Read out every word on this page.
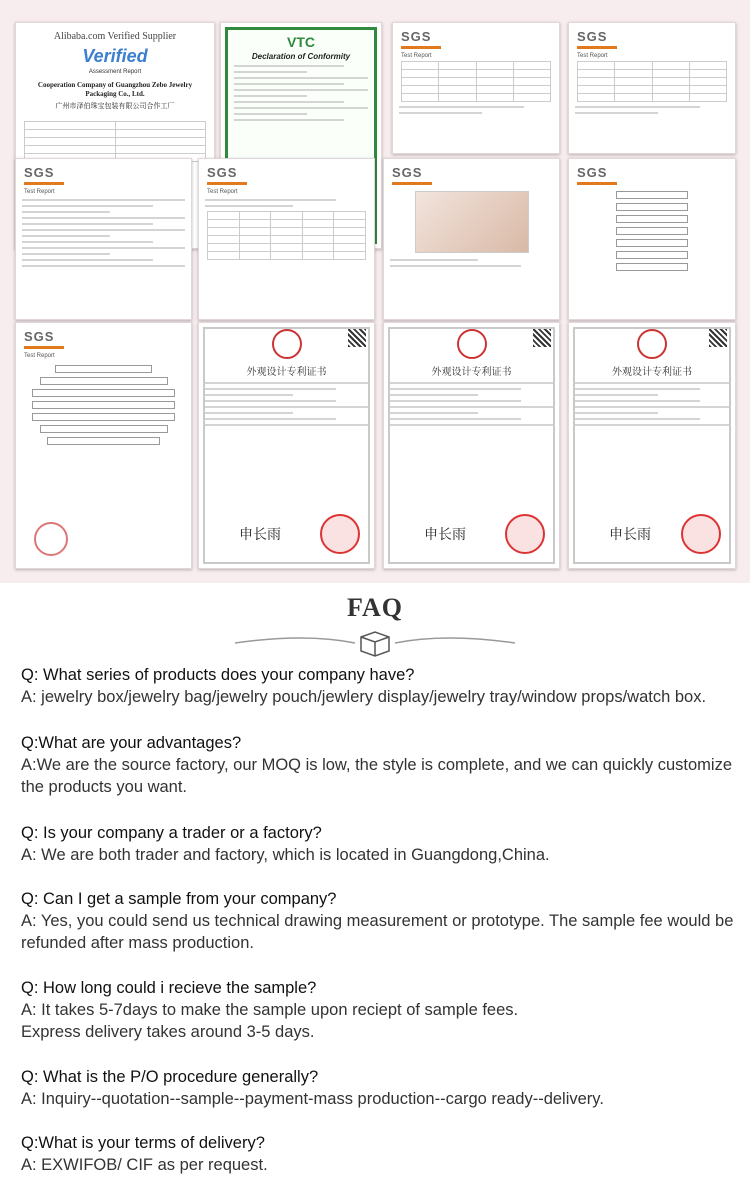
Alibaba.com Verified Supplier
Verified
Assessment Report
Cooperation Company of Guangzhou Zebo Jewelry Packaging Co., Ltd.
广州市泽伯珠宝包装有限公司合作工厂

VTC
Declaration of Conformity
SGS
Test Report

SGS
Test Report

SGS
Test Report
SGS
Test Report

SGS	SGS
SGS
Test Report
外观设计专利证书
申长雨
外观设计专利证书
申长雨
外观设计专利证书
申长雨
FAQ
Q: What series of products does your company have?
A: jewelry box/jewelry bag/jewelry pouch/jewlery display/jewelry tray/window props/watch box.
Q:What are your advantages?
A:We are the source factory, our MOQ is low, the style is complete, and we can quickly customize the products you want.
Q: Is your company a trader or a factory?
A: We are both trader and factory, which is located in Guangdong,China.
Q: Can I get a sample from your company?
A: Yes, you could send us technical drawing measurement or prototype. The sample fee would be refunded after mass production.
Q: How long could i recieve the sample?
A: It takes 5-7days to make the sample upon reciept of sample fees.
Express delivery takes around 3-5 days.
Q: What is the P/O procedure generally?
A: Inquiry--quotation--sample--payment-mass production--cargo ready--delivery.
Q:What is your terms of delivery?
A: EXWIFOB/ CIF as per request.
